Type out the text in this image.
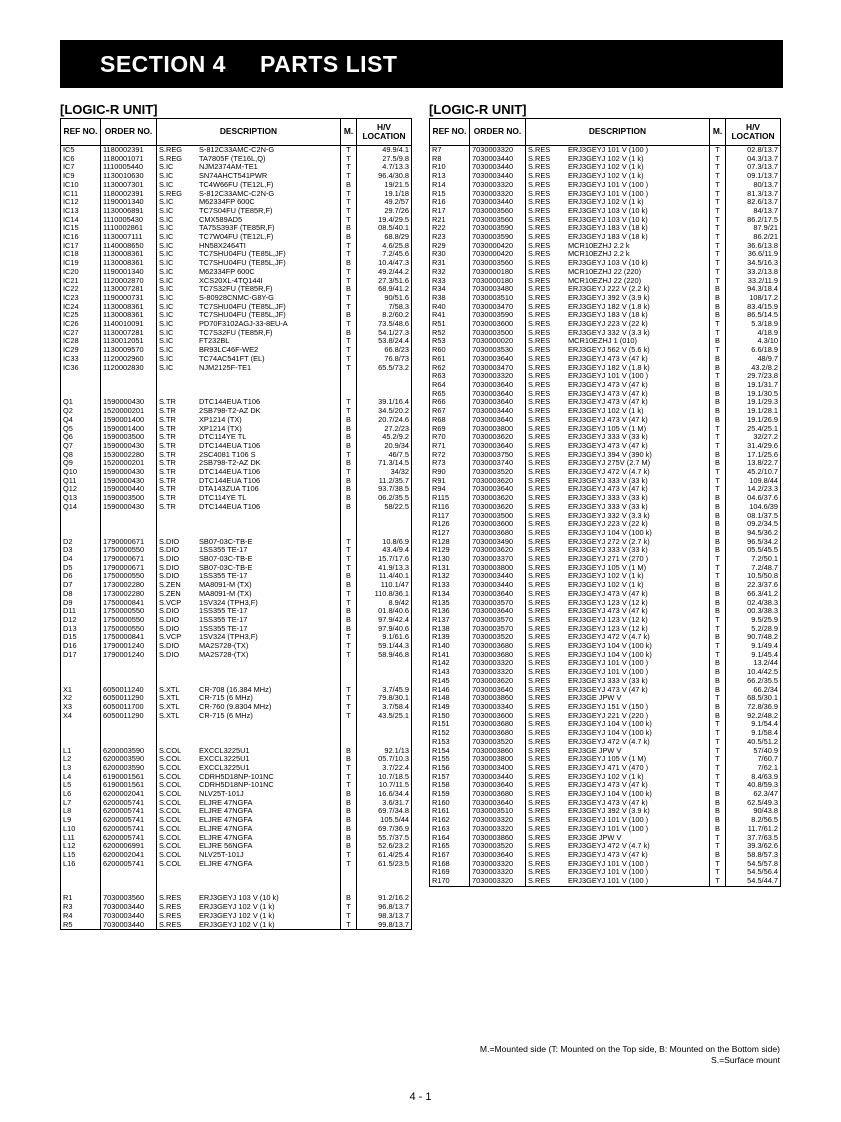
SECTION 4 PARTS LIST
[LOGIC-R UNIT]
REF NO.	ORDER NO.	DESCRIPTION	M.	H/V LOCATION
IC5	1180002391	S.REG S-812C33AMC-C2N-G	T	49.9/4.1
IC6	1180001071	S.REG TA7805F (TE16L,Q)	T	27.5/9.8
IC7	1110005440	S.IC NJM2374AM-TE1	T	4.7/13.3
IC9	1130010630	S.IC SN74AHCT541PWR	T	96.4/30.8
IC10	1130007301	S.IC TC4W66FU (TE12L,F)	B	19/21.5
IC11	1180002391	S.REG S-812C33AMC-C2N-G	T	19.1/18
IC12	1190001340	S.IC M62334FP 600C	T	49.2/57
IC13	1130006891	S.IC TC7S04FU (TE85R,F)	T	29.7/26
IC14	1110005430	S.IC CMX589AD5	T	19.4/29.5
IC15	1110002861	S.IC TA75S393F (TE85R,F)	B	08.5/40.1
IC16	1130007111	S.IC TC7W04FU (TE12L,F)	B	68.8/29
IC17	1140008650	S.IC HN58X2464TI	T	4.6/25.8
IC18	1130008361	S.IC TC7SHU04FU (TE85L,JF)	T	7.2/45.6
IC19	1130008361	S.IC TC7SHU04FU (TE85L,JF)	B	10.4/47.3
IC20	1190001340	S.IC M62334FP 600C	T	49.2/44.2
IC21	1120002870	S.IC XCS20XL-4TQ144I	T	27.3/51.6
IC22	1130007281	S.IC TC7S32FU (TE85R,F)	B	68.9/41.2
IC23	1190000731	S.IC S-80928CNMC-G8Y-G	T	90/51.6
IC24	1130008361	S.IC TC7SHU04FU (TE85L,JF)	T	7/58.3
IC25	1130008361	S.IC TC7SHU04FU (TE85L,JF)	B	8.2/60.2
IC26	1140010091	S.IC PD70F3102AGJ-33-8EU-A	T	73.5/48.6
IC27	1130007281	S.IC TC7S32FU (TE85R,F)	B	54.1/27.3
IC28	1130012051	S.IC FT232BL	T	53.8/24.4
IC29	1130009570	S.IC BR93LC46F-WE2	T	66.8/23
IC33	1120002960	S.IC TC74AC541FT (EL)	T	76.8/73
IC36	1120002830	S.IC NJM2125F-TE1	T	65.5/73.2

Q1	1590000430	S.TR DTC144EUA T106	T	39.1/16.4
Q2	1520000201	S.TR 2SB798-T2-AZ DK	T	34.5/20.2
Q4	1590001400	S.TR XP1214 (TX)	B	20.7/24.6
Q5	1590001400	S.TR XP1214 (TX)	B	27.2/23
Q6	1590003500	S.TR DTC114YE TL	B	45.2/9.2
Q7	1590000430	S.TR DTC144EUA T106	B	20.9/34
Q8	1530002280	S.TR 2SC4081 T106 S	T	46/7.5
Q9	1520000201	S.TR 2SB798-T2-AZ DK	B	71.3/14.5
Q10	1590000430	S.TR DTC144EUA T106	T	34/32
Q11	1590000430	S.TR DTC144EUA T106	B	11.2/35.7
Q12	1590000440	S.TR DTA143ZUA T106	B	93.7/38.5
Q13	1590003500	S.TR DTC114YE TL	B	06.2/35.5
Q14	1590000430	S.TR DTC144EUA T106	B	58/22.5

D2	1790000671	S.DIO SB07-03C-TB-E	T	10.8/6.9
D3	1750000550	S.DIO 1SS355 TE-17	T	43.4/9.4
D4	1790000671	S.DIO SB07-03C-TB-E	T	15.7/17.6
D5	1790000671	S.DIO SB07-03C-TB-E	T	41.9/13.3
D6	1750000550	S.DIO 1SS355 TE-17	B	11.4/40.1
D7	1730002280	S.ZEN MA8091-M (TX)	B	110.1/47
D8	1730002280	S.ZEN MA8091-M (TX)	T	110.8/36.1
D9	1750000841	S.VCP 1SV324 (TPH3,F)	T	8.9/42
D11	1750000550	S.DIO 1SS355 TE-17	B	01.8/40.6
D12	1750000550	S.DIO 1SS355 TE-17	B	97.9/42.4
D13	1750000550	S.DIO 1SS355 TE-17	B	97.9/40.6
D15	1750000841	S.VCP 1SV324 (TPH3,F)	T	9.1/61.6
D16	1790001240	S.DIO MA2S728-(TX)	T	59.1/44.3
D17	1790001240	S.DIO MA2S728-(TX)	T	58.9/46.8

X1	6050011240	S.XTL CR-708 (16.384 MHz)	T	3.7/45.9
X2	6050011290	S.XTL CR-715 (6 MHz)	T	79.8/30.1
X3	6050011700	S.XTL CR-760 (9.8304 MHz)	T	3.7/58.4
X4	6050011290	S.XTL CR-715 (6 MHz)	T	43.5/25.1

L1	6200003590	S.COL EXCCL3225U1	B	92.1/13
L2	6200003590	S.COL EXCCL3225U1	B	05.7/10.3
L3	6200003590	S.COL EXCCL3225U1	T	3.7/22.4
L4	6190001561	S.COL CDRH5D18NP-101NC	T	10.7/18.5
L5	6190001561	S.COL CDRH5D18NP-101NC	T	10.7/11.5
L6	6200002041	S.COL NLV25T-101J	B	16.6/34.4
L7	6200005741	S.COL ELJRE 47NGFA	B	3.6/31.7
L8	6200005741	S.COL ELJRE 47NGFA	B	69.7/34.8
L9	6200005741	S.COL ELJRE 47NGFA	B	105.5/44
L10	6200005741	S.COL ELJRE 47NGFA	B	69.7/36.9
L11	6200005741	S.COL ELJRE 47NGFA	B	55.7/37.5
L12	6200006991	S.COL ELJRE 56NGFA	B	52.6/23.2
L15	6200002041	S.COL NLV25T-101J	T	61.4/25.4
L16	6200005741	S.COL ELJRE 47NGFA	T	61.5/23.5

R1	7030003560	S.RES ERJ3GEYJ 103 V (10 k)	B	91.2/16.2
R3	7030003440	S.RES ERJ3GEYJ 102 V (1 k)	T	96.8/13.7
R4	7030003440	S.RES ERJ3GEYJ 102 V (1 k)	T	98.3/13.7
R5	7030003440	S.RES ERJ3GEYJ 102 V (1 k)	T	99.8/13.7
[LOGIC-R UNIT]
REF NO.	ORDER NO.	DESCRIPTION	M.	H/V LOCATION
R7	7030003320	S.RES ERJ3GEYJ 101 V (100 )	T	02.8/13.7
R8	7030003440	S.RES ERJ3GEYJ 102 V (1 k)	T	04.3/13.7
R10	7030003440	S.RES ERJ3GEYJ 102 V (1 k)	T	07.3/13.7
R13	7030003440	S.RES ERJ3GEYJ 102 V (1 k)	T	09.1/13.7
R14	7030003320	S.RES ERJ3GEYJ 101 V (100 )	T	80/13.7
R15	7030003320	S.RES ERJ3GEYJ 101 V (100 )	T	81.3/13.7
R16	7030003440	S.RES ERJ3GEYJ 102 V (1 k)	T	82.6/13.7
R17	7030003560	S.RES ERJ3GEYJ 103 V (10 k)	T	84/13.7
R21	7030003560	S.RES ERJ3GEYJ 103 V (10 k)	T	86.2/17.5
R22	7030003590	S.RES ERJ3GEYJ 183 V (18 k)	T	87.9/21
R23	7030003590	S.RES ERJ3GEYJ 183 V (18 k)	T	86.2/21
R29	7030000420	S.RES MCR10EZHJ 2.2 k	T	36.6/13.8
R30	7030000420	S.RES MCR10EZHJ 2.2 k	T	36.6/11.9
R31	7030003560	S.RES ERJ3GEYJ 103 V (10 k)	T	34.5/16.3
R32	7030000180	S.RES MCR10EZHJ 22 (220)	T	33.2/13.8
R33	7030000180	S.RES MCR10EZHJ 22 (220)	T	33.2/11.9
R34	7030003480	S.RES ERJ3GEYJ 222 V (2.2 k)	B	94.3/18.4
R38	7030003510	S.RES ERJ3GEYJ 392 V (3.9 k)	B	108/17.2
R40	7030003470	S.RES ERJ3GEYJ 182 V (1.8 k)	B	83.4/15.9
R41	7030003590	S.RES ERJ3GEYJ 183 V (18 k)	B	86.5/14.5
R51	7030003600	S.RES ERJ3GEYJ 223 V (22 k)	T	5.3/18.9
R52	7030003500	S.RES ERJ3GEYJ 332 V (3.3 k)	T	4/18.9
R53	7030000020	S.RES MCR10EZHJ 1 (010)	B	4.3/10
R60	7030003530	S.RES ERJ3GEYJ 562 V (5.6 k)	T	6.6/18.9
R61	7030003640	S.RES ERJ3GEYJ 473 V (47 k)	B	48/9.7
R62	7030003470	S.RES ERJ3GEYJ 182 V (1.8 k)	B	43.2/8.2
R63	7030003320	S.RES ERJ3GEYJ 101 V (100 )	T	29.7/23.8
R64	7030003640	S.RES ERJ3GEYJ 473 V (47 k)	B	19.1/31.7
R65	7030003640	S.RES ERJ3GEYJ 473 V (47 k)	B	19.1/30.5
R66	7030003640	S.RES ERJ3GEYJ 473 V (47 k)	B	19.1/29.3
R67	7030003440	S.RES ERJ3GEYJ 102 V (1 k)	B	19.1/28.1
R68	7030003640	S.RES ERJ3GEYJ 473 V (47 k)	B	19.1/26.9
R69	7030003800	S.RES ERJ3GEYJ 105 V (1 M)	T	25.4/25.1
R70	7030003620	S.RES ERJ3GEYJ 333 V (33 k)	T	32/27.2
R71	7030003640	S.RES ERJ3GEYJ 473 V (47 k)	T	31.4/29.6
R72	7030003750	S.RES ERJ3GEYJ 394 V (390 k)	B	17.1/25.6
R73	7030003740	S.RES ERJ3GEYJ 275V (2.7 M)	B	13.8/22.7
R90	7030003520	S.RES ERJ3GEYJ 472 V (4.7 k)	T	45.2/10.7
R91	7030003620	S.RES ERJ3GEYJ 333 V (33 k)	T	109.8/44
R94	7030003640	S.RES ERJ3GEYJ 473 V (47 k)	T	14.2/23.3
R115	7030003620	S.RES ERJ3GEYJ 333 V (33 k)	B	04.6/37.6
R116	7030003620	S.RES ERJ3GEYJ 333 V (33 k)	B	104.6/39
R117	7030003500	S.RES ERJ3GEYJ 332 V (3.3 k)	B	08.1/37.5
R126	7030003600	S.RES ERJ3GEYJ 223 V (22 k)	B	09.2/34.5
R127	7030003680	S.RES ERJ3GEYJ 104 V (100 k)	B	94.5/36.2
R128	7030003490	S.RES ERJ3GEYJ 272 V (2.7 k)	B	96.5/34.2
R129	7030003620	S.RES ERJ3GEYJ 333 V (33 k)	B	05.5/45.5
R130	7030003370	S.RES ERJ3GEYJ 271 V (270 )	T	7.2/50.1
R131	7030003800	S.RES ERJ3GEYJ 105 V (1 M)	T	7.2/48.7
R132	7030003440	S.RES ERJ3GEYJ 102 V (1 k)	T	10.5/50.8
R133	7030003440	S.RES ERJ3GEYJ 102 V (1 k)	B	22.3/37.6
R134	7030003640	S.RES ERJ3GEYJ 473 V (47 k)	B	66.3/41.2
R135	7030003570	S.RES ERJ3GEYJ 123 V (12 k)	B	02.4/38.3
R136	7030003640	S.RES ERJ3GEYJ 473 V (47 k)	B	00.3/38.3
R137	7030003570	S.RES ERJ3GEYJ 123 V (12 k)	T	9.5/25.9
R138	7030003570	S.RES ERJ3GEYJ 123 V (12 k)	T	5.2/28.9
R139	7030003520	S.RES ERJ3GEYJ 472 V (4.7 k)	B	90.7/48.2
R140	7030003680	S.RES ERJ3GEYJ 104 V (100 k)	T	9.1/49.4
R141	7030003680	S.RES ERJ3GEYJ 104 V (100 k)	T	9.1/45.4
R142	7030003320	S.RES ERJ3GEYJ 101 V (100 )	B	13.2/44
R143	7030003320	S.RES ERJ3GEYJ 101 V (100 )	B	10.4/42.5
R145	7030003620	S.RES ERJ3GEYJ 333 V (33 k)	B	66.2/35.5
R146	7030003640	S.RES ERJ3GEYJ 473 V (47 k)	B	66.2/34
R148	7030003860	S.RES ERJ3GE JPW V	T	68.5/30.1
R149	7030003340	S.RES ERJ3GEYJ 151 V (150 )	B	72.8/36.9
R150	7030003600	S.RES ERJ3GEYJ 221 V (220 )	B	92.2/48.2
R151	7030003680	S.RES ERJ3GEYJ 104 V (100 k)	T	9.1/54.4
R152	7030003680	S.RES ERJ3GEYJ 104 V (100 k)	T	9.1/58.4
R153	7030003520	S.RES ERJ3GEYJ 472 V (4.7 k)	T	40.5/51.2
R154	7030003860	S.RES ERJ3GE JPW V	T	57/40.9
R155	7030003800	S.RES ERJ3GEYJ 105 V (1 M)	T	7/60.7
R156	7030003400	S.RES ERJ3GEYJ 471 V (470 )	T	7/62.1
R157	7030003440	S.RES ERJ3GEYJ 102 V (1 k)	T	8.4/63.9
R158	7030003640	S.RES ERJ3GEYJ 473 V (47 k)	T	40.8/59.3
R159	7030003680	S.RES ERJ3GEYJ 104 V (100 k)	B	62.3/47
R160	7030003640	S.RES ERJ3GEYJ 473 V (47 k)	B	62.5/49.3
R161	7030003510	S.RES ERJ3GEYJ 392 V (3.9 k)	B	90/43.8
R162	7030003320	S.RES ERJ3GEYJ 101 V (100 )	B	8.2/56.5
R163	7030003320	S.RES ERJ3GEYJ 101 V (100 )	B	11.7/61.2
R164	7030003860	S.RES ERJ3GE JPW V	T	37.7/63.5
R165	7030003520	S.RES ERJ3GEYJ 472 V (4.7 k)	T	39.3/62.6
R167	7030003640	S.RES ERJ3GEYJ 473 V (47 k)	B	58.8/57.3
R168	7030003320	S.RES ERJ3GEYJ 101 V (100 )	T	54.5/57.8
R169	7030003320	S.RES ERJ3GEYJ 101 V (100 )	T	54.5/56.4
R170	7030003320	S.RES ERJ3GEYJ 101 V (100 )	T	54.5/44.7
M.=Mounted side (T: Mounted on the Top side, B: Mounted on the Bottom side)
S.=Surface mount
4 - 1
